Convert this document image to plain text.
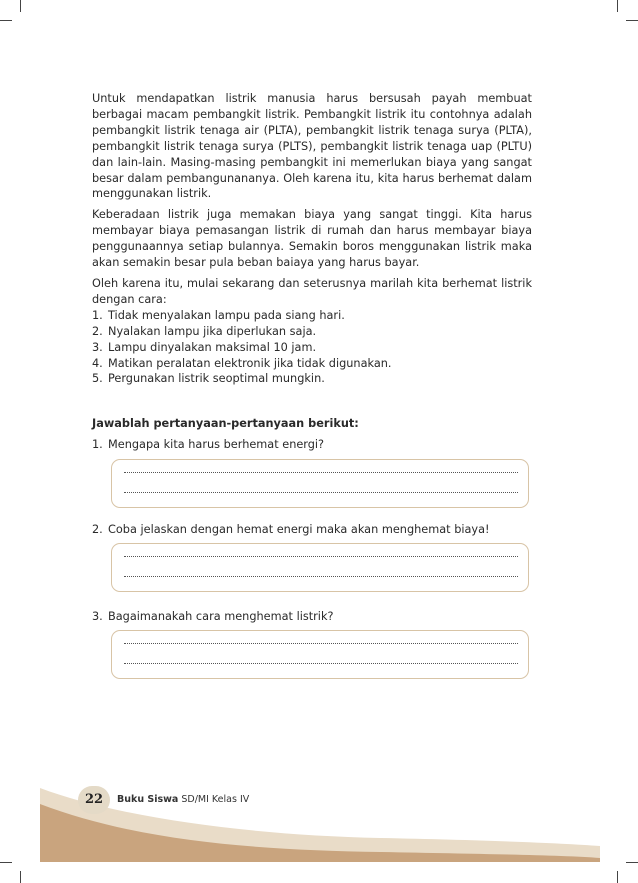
Untuk mendapatkan listrik manusia harus bersusah payah membuat berbagai macam pembangkit listrik. Pembangkit listrik itu contohnya adalah pembangkit listrik tenaga air (PLTA), pembangkit listrik tenaga surya (PLTA), pembangkit listrik tenaga surya (PLTS), pembangkit listrik tenaga uap (PLTU) dan lain-lain. Masing-masing pembangkit ini memerlukan biaya yang sangat besar dalam pembangunananya. Oleh karena itu, kita harus berhemat dalam menggunakan listrik.

Keberadaan listrik juga memakan biaya yang sangat tinggi. Kita harus membayar biaya pemasangan listrik di rumah dan harus membayar biaya penggunaannya setiap bulannya. Semakin boros menggunakan listrik maka akan semakin besar pula beban baiaya yang harus bayar.

Oleh karena itu, mulai sekarang dan seterusnya marilah kita berhemat listrik dengan cara:

1. Tidak menyalakan lampu pada siang hari.
2. Nyalakan lampu jika diperlukan saja.
3. Lampu dinyalakan maksimal 10 jam.
4. Matikan peralatan elektronik jika tidak digunakan.
5. Pergunakan listrik seoptimal mungkin.
Jawablah pertanyaan-pertanyaan berikut:
1. Mengapa kita harus berhemat energi?
2. Coba jelaskan dengan hemat energi maka akan menghemat biaya!
3. Bagaimanakah cara menghemat listrik?
22	Buku Siswa SD/MI Kelas IV
